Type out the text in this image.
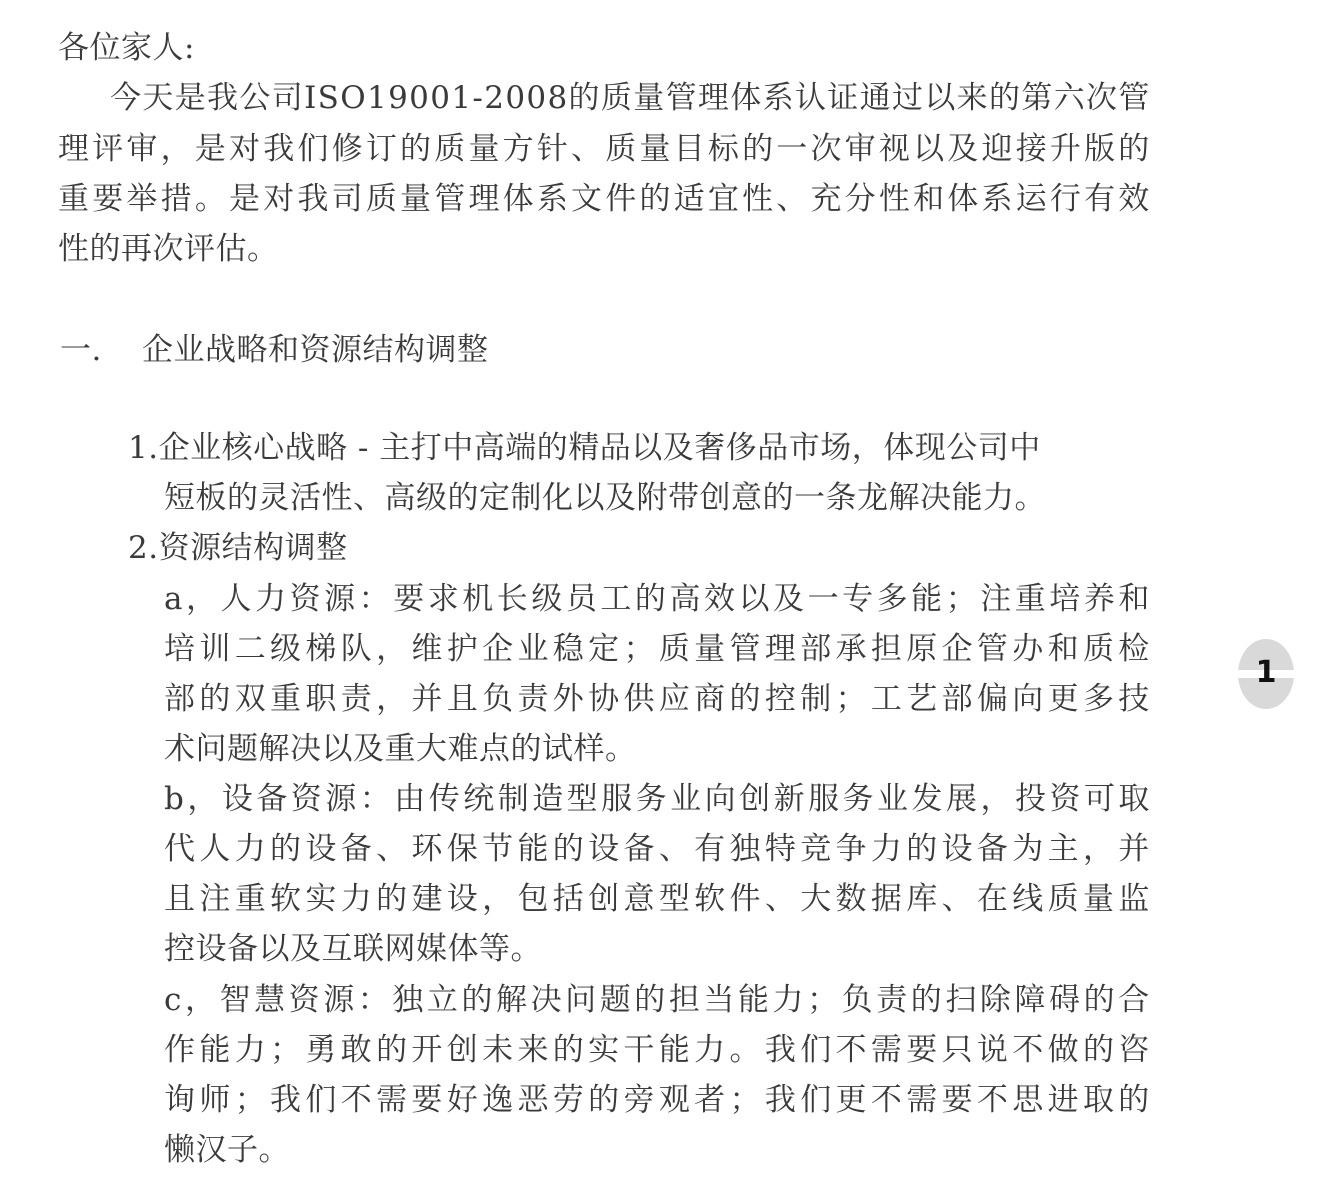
各位家人:
今 天 是 我 公 司 I S O 1 9 0 0 1 - 2 0 0 8 的 质 量 管 理 体 系 认 证 通 过 以 来 的 第 六 次 管
理 评 审 ， 是 对 我 们 修 订 的 质 量 方 针 、 质 量 目 标 的 一 次 审 视 以 及 迎 接 升 版 的
重 要 举 措 。 是 对 我 司 质 量 管 理 体 系 文 件 的 适 宜 性 、 充 分 性 和 体 系 运 行 有 效
性的再次评估。
一. 企业战略和资源结构调整
1.企业核心战略 - 主打中高端的精品以及奢侈品市场，体现公司中
短板的灵活性、高级的定制化以及附带创意的一条龙解决能力。
2.资源结构调整
a ， 人 力 资 源 ： 要 求 机 长 级 员 工 的 高 效 以 及 一 专 多 能 ； 注 重 培 养 和
培 训 二 级 梯 队 ， 维 护 企 业 稳 定 ； 质 量 管 理 部 承 担 原 企 管 办 和 质 检
部 的 双 重 职 责 ， 并 且 负 责 外 协 供 应 商 的 控 制 ； 工 艺 部 偏 向 更 多 技
术问题解决以及重大难点的试样。
b ， 设 备 资 源 ： 由 传 统 制 造 型 服 务 业 向 创 新 服 务 业 发 展 ， 投 资 可 取
代 人 力 的 设 备 、 环 保 节 能 的 设 备 、 有 独 特 竞 争 力 的 设 备 为 主 ， 并
且 注 重 软 实 力 的 建 设 ， 包 括 创 意 型 软 件 、 大 数 据 库 、 在 线 质 量 监
控设备以及互联网媒体等。
c ， 智 慧 资 源 ： 独 立 的 解 决 问 题 的 担 当 能 力 ； 负 责 的 扫 除 障 碍 的 合
作 能 力 ； 勇 敢 的 开 创 未 来 的 实 干 能 力 。 我 们 不 需 要 只 说 不 做 的 咨
询 师 ； 我 们 不 需 要 好 逸 恶 劳 的 旁 观 者 ； 我 们 更 不 需 要 不 思 进 取 的
懒汉子。
1
